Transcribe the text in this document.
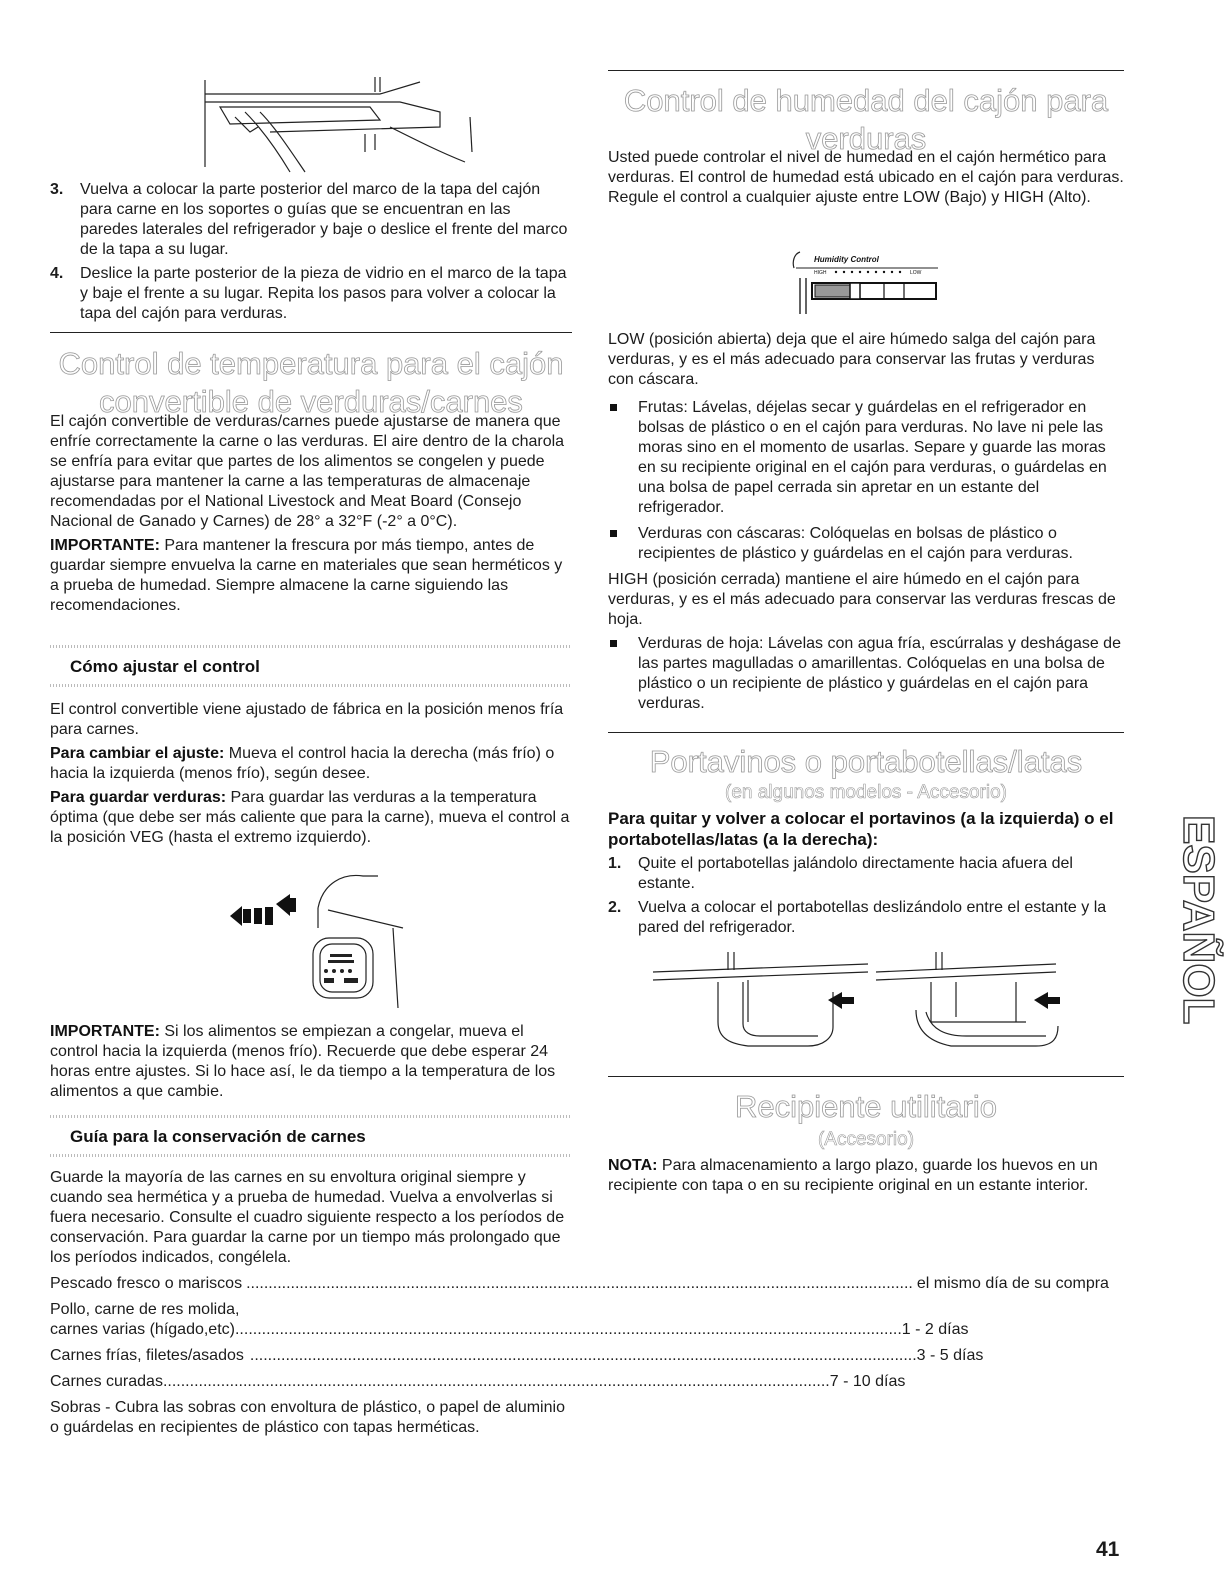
3. Vuelva a colocar la parte posterior del marco de la tapa del cajón para carne en los soportes o guías que se encuentran en las paredes laterales del refrigerador y baje o deslice el frente del marco de la tapa a su lugar.
4. Deslice la parte posterior de la pieza de vidrio en el marco de la tapa y baje el frente a su lugar. Repita los pasos para volver a colocar la tapa del cajón para verduras.
Control de temperatura para el cajón
convertible de verduras/carnes

El cajón convertible de verduras/carnes puede ajustarse de manera que enfríe correctamente la carne o las verduras. El aire dentro de la charola se enfría para evitar que partes de los alimentos se congelen y puede ajustarse para mantener la carne a las temperaturas de almacenaje recomendadas por el National Livestock and Meat Board (Consejo Nacional de Ganado y Carnes) de 28° a 32°F (-2° a 0°C).

IMPORTANTE: Para mantener la frescura por más tiempo, antes de guardar siempre envuelva la carne en materiales que sean herméticos y a prueba de humedad. Siempre almacene la carne siguiendo las recomendaciones.

Cómo ajustar el control

El control convertible viene ajustado de fábrica en la posición menos fría para carnes.

Para cambiar el ajuste: Mueva el control hacia la derecha (más frío) o hacia la izquierda (menos frío), según desee.

Para guardar verduras: Para guardar las verduras a la temperatura óptima (que debe ser más caliente que para la carne), mueva el control a la posición VEG (hasta el extremo izquierdo).

IMPORTANTE: Si los alimentos se empiezan a congelar, mueva el control hacia la izquierda (menos frío). Recuerde que debe esperar 24 horas entre ajustes. Si lo hace así, le da tiempo a la temperatura de los alimentos a que cambie.

Guía para la conservación de carnes

Guarde la mayoría de las carnes en su envoltura original siempre y cuando sea hermética y a prueba de humedad. Vuelva a envolverlas si fuera necesario. Consulte el cuadro siguiente respecto a los períodos de conservación. Para guardar la carne por un tiempo más prolongado que los períodos indicados, congélela.

Pescado fresco o mariscos .....	el mismo día de su compra
Pollo, carne de res molida,
carnes varias (hígado,etc) .....	1 - 2 días
Carnes frías, filetes/asados .....	3 - 5 días
Carnes curadas .....	7 - 10 días

Sobras - Cubra las sobras con envoltura de plástico, o papel de aluminio o guárdelas en recipientes de plástico con tapas herméticas.

Control de humedad del cajón para
verduras

Usted puede controlar el nivel de humedad en el cajón hermético para verduras. El control de humedad está ubicado en el cajón para verduras. Regule el control a cualquier ajuste entre LOW (Bajo) y HIGH (Alto).

Humidity Control
HIGH	LOW

LOW (posición abierta) deja que el aire húmedo salga del cajón para verduras, y es el más adecuado para conservar las frutas y verduras con cáscara.

Frutas: Lávelas, déjelas secar y guárdelas en el refrigerador en bolsas de plástico o en el cajón para verduras. No lave ni pele las moras sino en el momento de usarlas. Separe y guarde las moras en su recipiente original en el cajón para verduras, o guárdelas en una bolsa de papel cerrada sin apretar en un estante del refrigerador.
Verduras con cáscaras: Colóquelas en bolsas de plástico o recipientes de plástico y guárdelas en el cajón para verduras.

HIGH (posición cerrada) mantiene el aire húmedo en el cajón para verduras, y es el más adecuado para conservar las verduras frescas de hoja.

Verduras de hoja: Lávelas con agua fría, escúrralas y deshágase de las partes magulladas o amarillentas. Colóquelas en una bolsa de plástico o un recipiente de plástico y guárdelas en el cajón para verduras.
Portavinos o portabotellas/latas
(en algunos modelos - Accesorio)

Para quitar y volver a colocar el portavinos (a la izquierda) o el portabotellas/latas (a la derecha):

1. Quite el portabotellas jalándolo directamente hacia afuera del estante.
2. Vuelva a colocar el portabotellas deslizándolo entre el estante y la pared del refrigerador.
Recipiente utilitario
(Accesorio)

NOTA: Para almacenamiento a largo plazo, guarde los huevos en un recipiente con tapa o en su recipiente original en un estante interior.

ESPAÑOL
41
